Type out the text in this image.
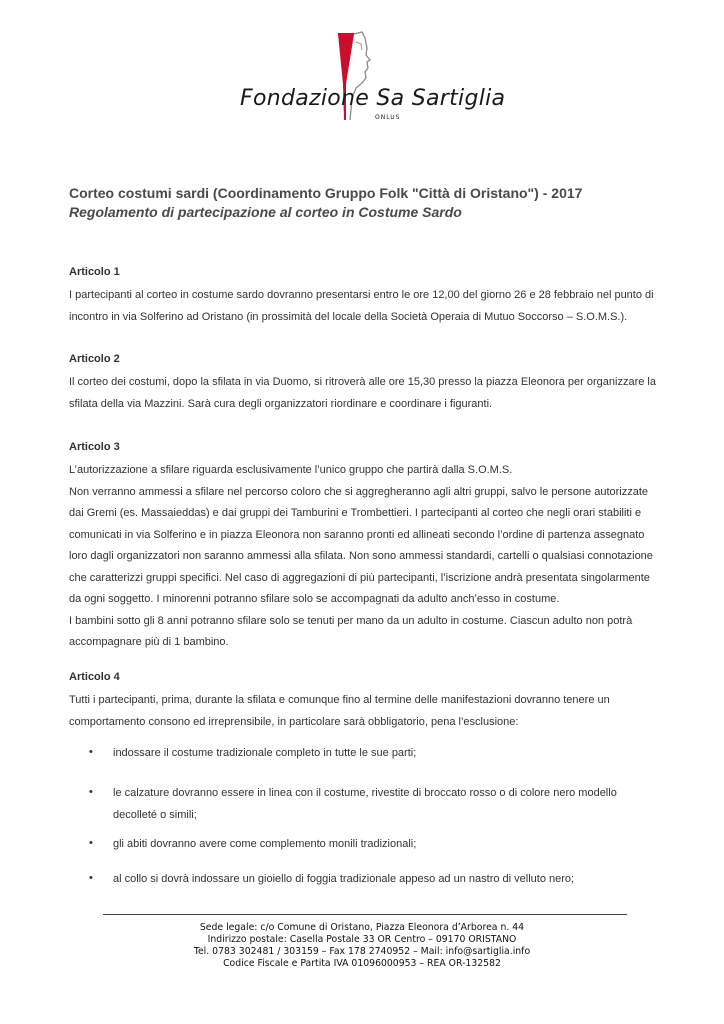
Fondazione Sa Sartiglia
ONLUS
Corteo costumi sardi (Coordinamento Gruppo Folk "Città di Oristano") - 2017
Regolamento di partecipazione al corteo in Costume Sardo
Articolo 1
I partecipanti al corteo in costume sardo dovranno presentarsi entro le ore 12,00 del giorno 26 e 28 febbraio nel punto di
incontro in via Solferino ad Oristano (in prossimità del locale della Società Operaia di Mutuo Soccorso – S.O.M.S.).
Articolo 2
Il corteo dei costumi, dopo la sfilata in via Duomo, si ritroverà alle ore 15,30 presso la piazza Eleonora per organizzare la
sfilata della via Mazzini. Sarà cura degli organizzatori riordinare e coordinare i figuranti.
Articolo 3
L’autorizzazione a sfilare riguarda esclusivamente l’unico gruppo che partirà dalla S.O.M.S.
Non verranno ammessi a sfilare nel percorso coloro che si aggregheranno agli altri gruppi, salvo le persone autorizzate
dai Gremi (es. Massaieddas) e dai gruppi dei Tamburini e Trombettieri. I partecipanti al corteo che negli orari stabiliti e
comunicati in via Solferino e in piazza Eleonora non saranno pronti ed allineati secondo l’ordine di partenza assegnato
loro dagli organizzatori non saranno ammessi alla sfilata. Non sono ammessi standardi, cartelli o qualsiasi connotazione
che caratterizzi gruppi specifici. Nel caso di aggregazioni di più partecipanti, l’iscrizione andrà presentata singolarmente
da ogni soggetto. I minorenni potranno sfilare solo se accompagnati da adulto anch’esso in costume.
I bambini sotto gli 8 anni potranno sfilare solo se tenuti per mano da un adulto in costume. Ciascun adulto non potrà
accompagnare più di 1 bambino.
Articolo 4
Tutti i partecipanti, prima, durante la sfilata e comunque fino al termine delle manifestazioni dovranno tenere un
comportamento consono ed irreprensibile, in particolare sarà obbligatorio, pena l’esclusione:
• indossare il costume tradizionale completo in tutte le sue parti;
• le calzature dovranno essere in linea con il costume, rivestite di broccato rosso o di colore nero modello
decolleté o simili;
• gli abiti dovranno avere come complemento monili tradizionali;
• al collo si dovrà indossare un gioiello di foggia tradizionale appeso ad un nastro di velluto nero;
Sede legale: c/o Comune di Oristano, Piazza Eleonora d’Arborea n. 44
Indirizzo postale: Casella Postale 33 OR Centro – 09170 ORISTANO
Tel. 0783 302481 / 303159 – Fax 178 2740952 – Mail: info@sartiglia.info
Codice Fiscale e Partita IVA 01096000953 – REA OR-132582
